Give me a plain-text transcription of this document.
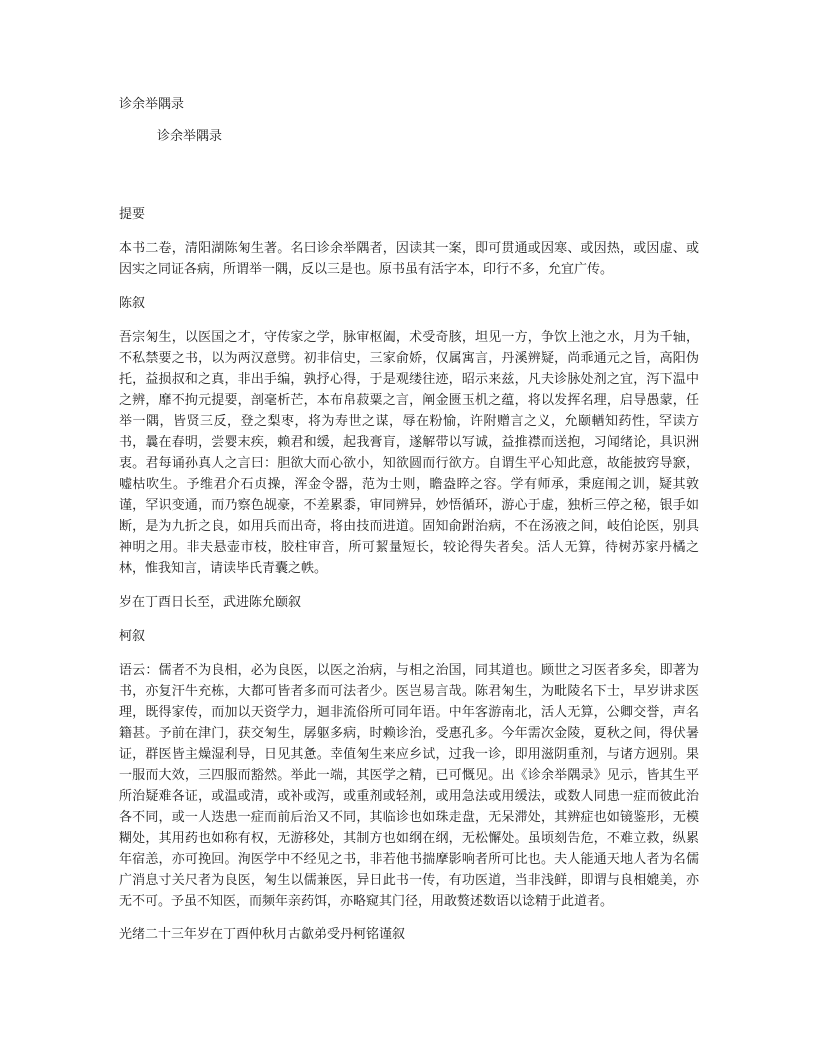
诊余举隅录

诊余举隅录

提要

本书二卷，清阳湖陈匊生著。名曰诊余举隅者，因读其一案，即可贯通或因寒、或因热，或因虚、或因实之同证各病，所谓举一隅，反以三是也。原书虽有活字本，印行不多，允宜广传。

陈叙

吾宗匊生，以医国之才，守传家之学，脉审枢阖，术受奇胲，坦见一方，争饮上池之水，月为千轴，不私禁要之书，以为两汉意劈。初非信史，三家俞娇，仅属寓言，丹溪辨疑，尚乖通元之旨，高阳伪托，益损叔和之真，非出手编，孰抒心得，于是观缕往迹，昭示来兹，凡夫诊脉处剂之宜，泻下温中之辨，靡不拘元提要，剖毫析芒，本布帛菽粟之言，阐金匮玉机之蕴，将以发挥名理，启导愚蒙，任举一隅，皆贤三反，登之梨枣，将为寿世之谋，辱在粉愉，许附赠言之义，允颐輶知药性，罕读方书，曩在春明，尝婴末疾，赖君和缓，起我膏肓，遂解带以写诚，益推襟而送抱，习闻绪论，具识洲衷。君每诵孙真人之言曰：胆欲大而心欲小，知欲圆而行欲方。自谓生平心知此意，故能披窍导窾，嘘枯吹生。予维君介石贞操，浑金令器，范为士则，瞻盎睟之容。学有师承，秉庭闱之训，疑其敦谨，罕识变通，而乃察色觇豪，不差累黍，审同辨异，妙悟循环，游心于虚，独析三停之秘，银手如断，是为九折之良，如用兵而出奇，将由技而进道。固知俞跗治病，不在汤液之间，岐伯论医，别具神明之用。非夫悬壶市枝，胶柱审音，所可絜量短长，较论得失者矣。活人无算，待树苏家丹橘之林，惟我知言，请读毕氏青囊之帙。

岁在丁酉日长至，武进陈允颐叙

柯叙

语云：儒者不为良相，必为良医，以医之治病，与相之治国，同其道也。顾世之习医者多矣，即著为书，亦复汗牛充栋，大都可皆者多而可法者少。医岂易言哉。陈君匊生，为毗陵名下士，早岁讲求医理，既得家传，而加以天资学力，迴非流俗所可同年语。中年客游南北，活人无算，公卿交誉，声名籍甚。予前在津门，获交匊生，孱躯多病，时赖诊治，受惠孔多。今年需次金陵，夏秋之间，得伏暑证，群医皆主燥湿利导，日见其惫。幸值匊生来应乡试，过我一诊，即用滋阴重剂，与诸方迥别。果一服而大效，三四服而豁然。举此一端，其医学之精，已可慨见。出《诊余举隅录》见示，皆其生平所治疑难各证，或温或清，或补或泻，或重剂或轻剂，或用急法或用缓法，或数人同患一症而彼此治各不同，或一人迭患一症而前后治又不同，其临诊也如珠走盘，无呆滞处，其辨症也如镜鉴形，无模糊处，其用药也如称有权，无游移处，其制方也如纲在纲，无松懈处。虽顷刻告危，不难立救，纵累年宿恙，亦可挽回。洵医学中不经见之书，非若他书揣摩影响者所可比也。夫人能通天地人者为名儒广消息寸关尺者为良医，匊生以儒兼医，异日此书一传，有功医道，当非浅鲜，即谓与良相媲美，亦无不可。予虽不知医，而频年亲药饵，亦略窥其门径，用敢赘述数语以谂精于此道者。

光绪二十三年岁在丁酉仲秋月古歙弟受丹柯铭谨叙
